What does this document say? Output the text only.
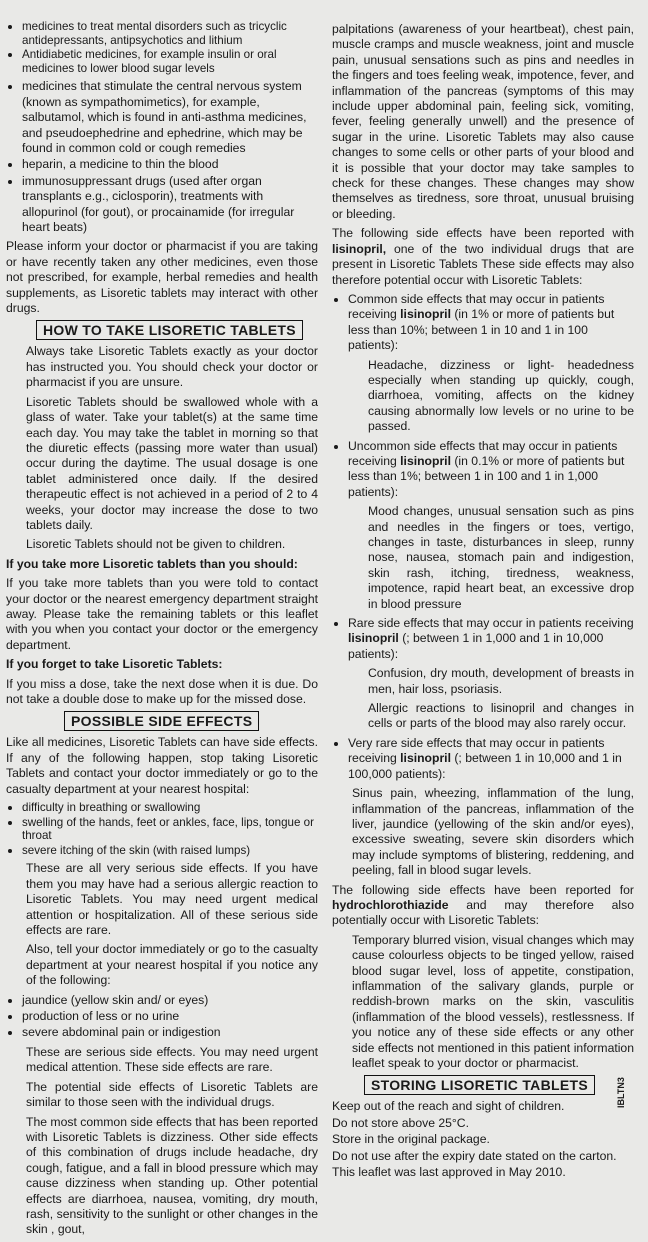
• medicines to treat mental disorders such as tricyclic antidepressants, antipsychotics and lithium
• Antidiabetic medicines, for example insulin or oral medicines to lower blood sugar levels
• medicines that stimulate the central nervous system (known as sympathomimetics), for example, salbutamol, which is found in anti-asthma medicines, and pseudoephedrine and ephedrine, which may be found in common cold or cough remedies
• heparin, a medicine to thin the blood
• immunosuppressant drugs (used after organ transplants e.g., ciclosporin), treatments with allopurinol (for gout), or procainamide (for irregular heart beats)

Please inform your doctor or pharmacist if you are taking or have recently taken any other medicines, even those not prescribed, for example, herbal remedies and health supplements, as Lisoretic tablets may interact with other drugs.

HOW TO TAKE LISORETIC TABLETS

Always take Lisoretic Tablets exactly as your doctor has instructed you. You should check your doctor or pharmacist if you are unsure.

Lisoretic Tablets should be swallowed whole with a glass of water. Take your tablet(s) at the same time each day. You may take the tablet in morning so that the diuretic effects (passing more water than usual) occur during the daytime. The usual dosage is one tablet administered once daily. If the desired therapeutic effect is not achieved in a period of 2 to 4 weeks, your doctor may increase the dose to two tablets daily.

Lisoretic Tablets should not be given to children.

If you take more Lisoretic tablets than you should:

If you take more tablets than you were told to contact your doctor or the nearest emergency department straight away. Please take the remaining tablets or this leaflet with you when you contact your doctor or the emergency department.

If you forget to take Lisoretic Tablets:

If you miss a dose, take the next dose when it is due. Do not take a double dose to make up for the missed dose.

POSSIBLE SIDE EFFECTS

Like all medicines, Lisoretic Tablets can have side effects. If any of the following happen, stop taking Lisoretic Tablets and contact your doctor immediately or go to the casualty department at your nearest hospital:

• difficulty in breathing or swallowing
• swelling of the hands, feet or ankles, face, lips, tongue or throat
• severe itching of the skin (with raised lumps)

These are all very serious side effects. If you have them you may have had a serious allergic reaction to Lisoretic Tablets. You may need urgent medical attention or hospitalization. All of these serious side effects are rare.

Also, tell your doctor immediately or go to the casualty department at your nearest hospital if you notice any of the following:

• jaundice (yellow skin and/ or eyes)
• production of less or no urine
• severe abdominal pain or indigestion

These are serious side effects. You may need urgent medical attention. These side effects are rare.

The potential side effects of Lisoretic Tablets are similar to those seen with the individual drugs.

The most common side effects that has been reported with Lisoretic Tablets is dizziness. Other side effects of this combination of drugs include headache, dry cough, fatigue, and a fall in blood pressure which may cause dizziness when standing up. Other potential effects are diarrhoea, nausea, vomiting, dry mouth, rash, sensitivity to the sunlight or other changes in the skin , gout,

palpitations (awareness of your heartbeat), chest pain, muscle cramps and muscle weakness, joint and muscle pain, unusual sensations such as pins and needles in the fingers and toes feeling weak, impotence, fever, and inflammation of the pancreas (symptoms of this may include upper abdominal pain, feeling sick, vomiting, fever, feeling generally unwell) and the presence of sugar in the urine. Lisoretic Tablets may also cause changes to some cells or other parts of your blood and it is possible that your doctor may take samples to check for these changes. These changes may show themselves as tiredness, sore throat, unusual bruising or bleeding.

The following side effects have been reported with lisinopril, one of the two individual drugs that are present in Lisoretic Tablets These side effects may also therefore potential occur with Lisoretic Tablets:

• Common side effects that may occur in patients receiving lisinopril (in 1% or more of patients but less than 10%; between 1 in 10 and 1 in 100 patients):

Headache, dizziness or light- headedness especially when standing up quickly, cough, diarrhoea, vomiting, affects on the kidney causing abnormally low levels or no urine to be passed.

• Uncommon side effects that may occur in patients receiving lisinopril (in 0.1% or more of patients but less than 1%; between 1 in 100 and 1 in 1,000 patients):

Mood changes, unusual sensation such as pins and needles in the fingers or toes, vertigo, changes in taste, disturbances in sleep, runny nose, nausea, stomach pain and indigestion, skin rash, itching, tiredness, weakness, impotence, rapid heart beat, an excessive drop in blood pressure

• Rare side effects that may occur in patients receiving lisinopril (; between 1 in 1,000 and 1 in 10,000 patients):

Confusion, dry mouth, development of breasts in men, hair loss, psoriasis.

Allergic reactions to lisinopril and changes in cells or parts of the blood may also rarely occur.

• Very rare side effects that may occur in patients receiving lisinopril (; between 1 in 10,000 and 1 in 100,000 patients):

Sinus pain, wheezing, inflammation of the lung, inflammation of the pancreas, inflammation of the liver, jaundice (yellowing of the skin and/or eyes), excessive sweating, severe skin disorders which may include symptoms of blistering, reddening, and peeling, fall in blood sugar levels.

The following side effects have been reported for hydrochlorothiazide and may therefore also potentially occur with Lisoretic Tablets:

Temporary blurred vision, visual changes which may cause colourless objects to be tinged yellow, raised blood sugar level, loss of appetite, constipation, inflammation of the salivary glands, purple or reddish-brown marks on the skin, vasculitis (inflammation of the blood vessels), restlessness. If you notice any of these side effects or any other side effects not mentioned in this patient information leaflet speak to your doctor or pharmacist.

STORING LISORETIC TABLETS

Keep out of the reach and sight of children.

Do not store above 25°C.

Store in the original package.

Do not use after the expiry date stated on the carton.

This leaflet was last approved in May 2010.

IBLTN3
